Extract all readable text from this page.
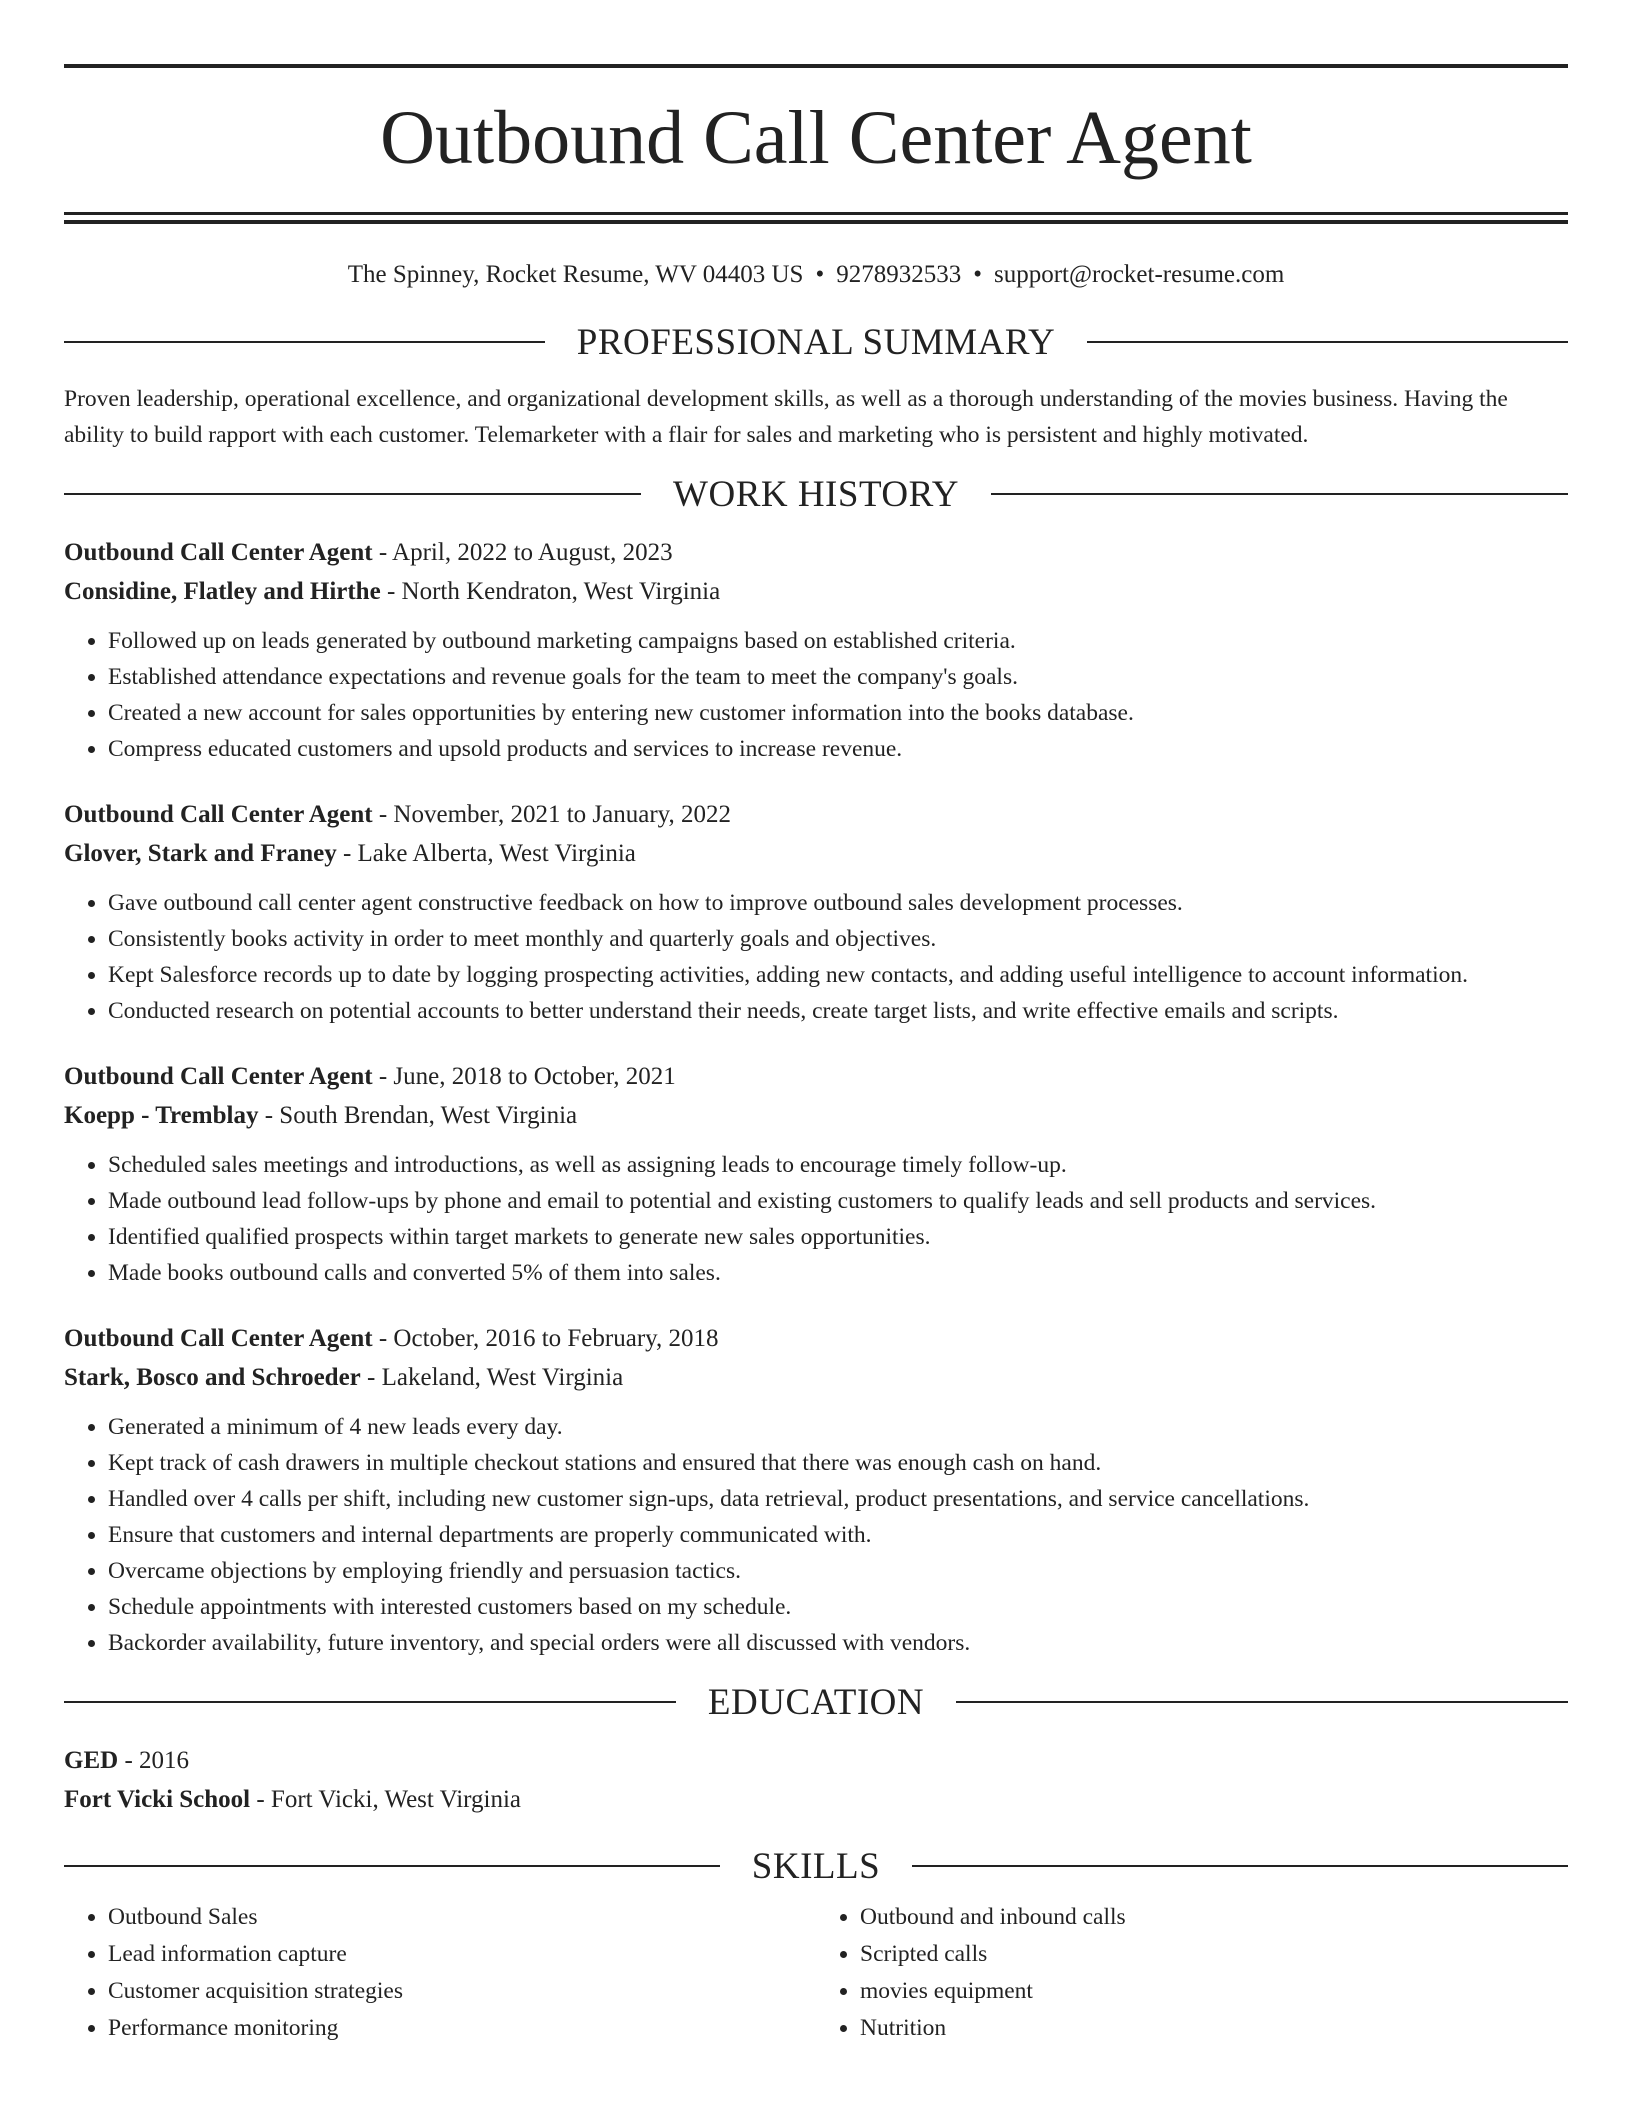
Outbound Call Center Agent
The Spinney, Rocket Resume, WV 04403 US • 9278932533 • support@rocket-resume.com
PROFESSIONAL SUMMARY
Proven leadership, operational excellence, and organizational development skills, as well as a thorough understanding of the movies business. Having the ability to build rapport with each customer. Telemarketer with a flair for sales and marketing who is persistent and highly motivated.
WORK HISTORY
Outbound Call Center Agent - April, 2022 to August, 2023
Considine, Flatley and Hirthe - North Kendraton, West Virginia
• Followed up on leads generated by outbound marketing campaigns based on established criteria.
• Established attendance expectations and revenue goals for the team to meet the company's goals.
• Created a new account for sales opportunities by entering new customer information into the books database.
• Compress educated customers and upsold products and services to increase revenue.
Outbound Call Center Agent - November, 2021 to January, 2022
Glover, Stark and Franey - Lake Alberta, West Virginia
• Gave outbound call center agent constructive feedback on how to improve outbound sales development processes.
• Consistently books activity in order to meet monthly and quarterly goals and objectives.
• Kept Salesforce records up to date by logging prospecting activities, adding new contacts, and adding useful intelligence to account information.
• Conducted research on potential accounts to better understand their needs, create target lists, and write effective emails and scripts.
Outbound Call Center Agent - June, 2018 to October, 2021
Koepp - Tremblay - South Brendan, West Virginia
• Scheduled sales meetings and introductions, as well as assigning leads to encourage timely follow-up.
• Made outbound lead follow-ups by phone and email to potential and existing customers to qualify leads and sell products and services.
• Identified qualified prospects within target markets to generate new sales opportunities.
• Made books outbound calls and converted 5% of them into sales.
Outbound Call Center Agent - October, 2016 to February, 2018
Stark, Bosco and Schroeder - Lakeland, West Virginia
• Generated a minimum of 4 new leads every day.
• Kept track of cash drawers in multiple checkout stations and ensured that there was enough cash on hand.
• Handled over 4 calls per shift, including new customer sign-ups, data retrieval, product presentations, and service cancellations.
• Ensure that customers and internal departments are properly communicated with.
• Overcame objections by employing friendly and persuasion tactics.
• Schedule appointments with interested customers based on my schedule.
• Backorder availability, future inventory, and special orders were all discussed with vendors.
EDUCATION
GED - 2016
Fort Vicki School - Fort Vicki, West Virginia
SKILLS
• Outbound Sales
• Lead information capture
• Customer acquisition strategies
• Performance monitoring
• Outbound and inbound calls
• Scripted calls
• movies equipment
• Nutrition
